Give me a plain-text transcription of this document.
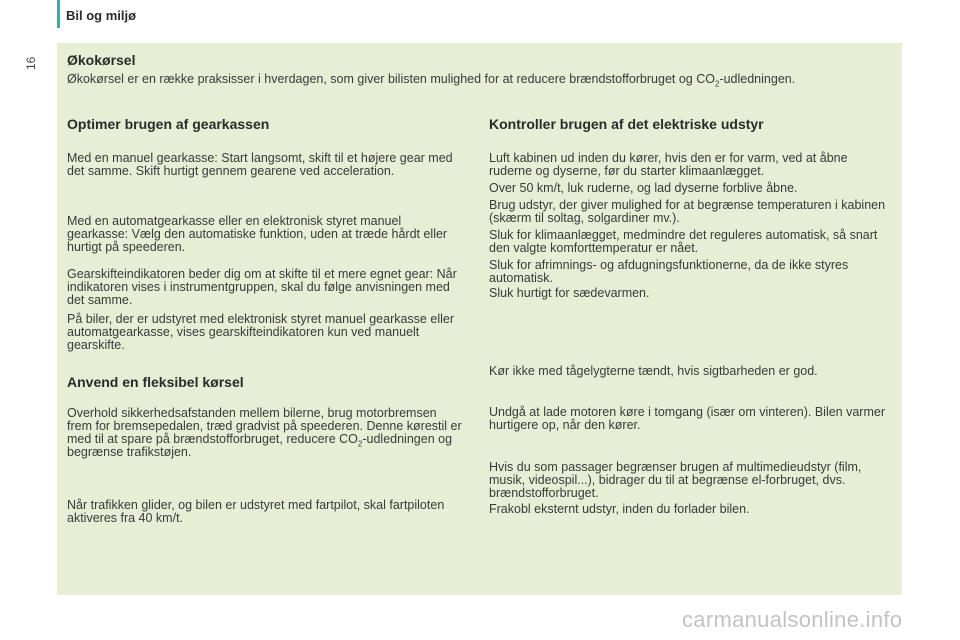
Bil og miljø
16 Økokørsel
Økokørsel er en række praksisser i hverdagen, som giver bilisten mulighed for at reducere brændstofforbruget og $CO_2$-udledningen.
Optimer brugen af gearkassen

Med en manuel gearkasse: Start langsomt, skift til et højere gear med det samme. Skift hurtigt gennem gearene ved acceleration.

Med en automatgearkasse eller en elektronisk styret manuel gearkasse: Vælg den automatiske funktion, uden at træde hårdt eller hurtigt på speederen.

Gearskifteindikatoren beder dig om at skifte til et mere egnet gear: Når indikatoren vises i instrumentgruppen, skal du følge anvisningen med det samme.

På biler, der er udstyret med elektronisk styret manuel gearkasse eller automatgearkasse, vises gearskifteindikatoren kun ved manuelt gearskifte.

Anvend en fleksibel kørsel

Overhold sikkerhedsafstanden mellem bilerne, brug motorbremsen frem for bremsepedalen, træd gradvist på speederen. Denne kørestil er med til at spare på brændstofforbruget, reducere $CO_2$-udledningen og begrænse trafikstøjen.

Når trafikken glider, og bilen er udstyret med fartpilot, skal fartpiloten aktiveres fra 40 km/t.

Kontroller brugen af det elektriske udstyr

Luft kabinen ud inden du kører, hvis den er for varm, ved at åbne ruderne og dyserne, før du starter klimaanlægget.

Over 50 km/t, luk ruderne, og lad dyserne forblive åbne.

Brug udstyr, der giver mulighed for at begrænse temperaturen i kabinen (skærm til soltag, solgardiner mv.).

Sluk for klimaanlægget, medmindre det reguleres automatisk, så snart den valgte komforttemperatur er nået.

Sluk for afrimnings- og afdugningsfunktionerne, da de ikke styres automatisk.

Sluk hurtigt for sædevarmen.

Kør ikke med tågelygterne tændt, hvis sigtbarheden er god.

Undgå at lade motoren køre i tomgang (især om vinteren). Bilen varmer hurtigere op, når den kører.

Hvis du som passager begrænser brugen af multimedieudstyr (film, musik, videospil...), bidrager du til at begrænse el-forbruget, dvs. brændstofforbruget.

Frakobl eksternt udstyr, inden du forlader bilen.

carmanualsonline.info
